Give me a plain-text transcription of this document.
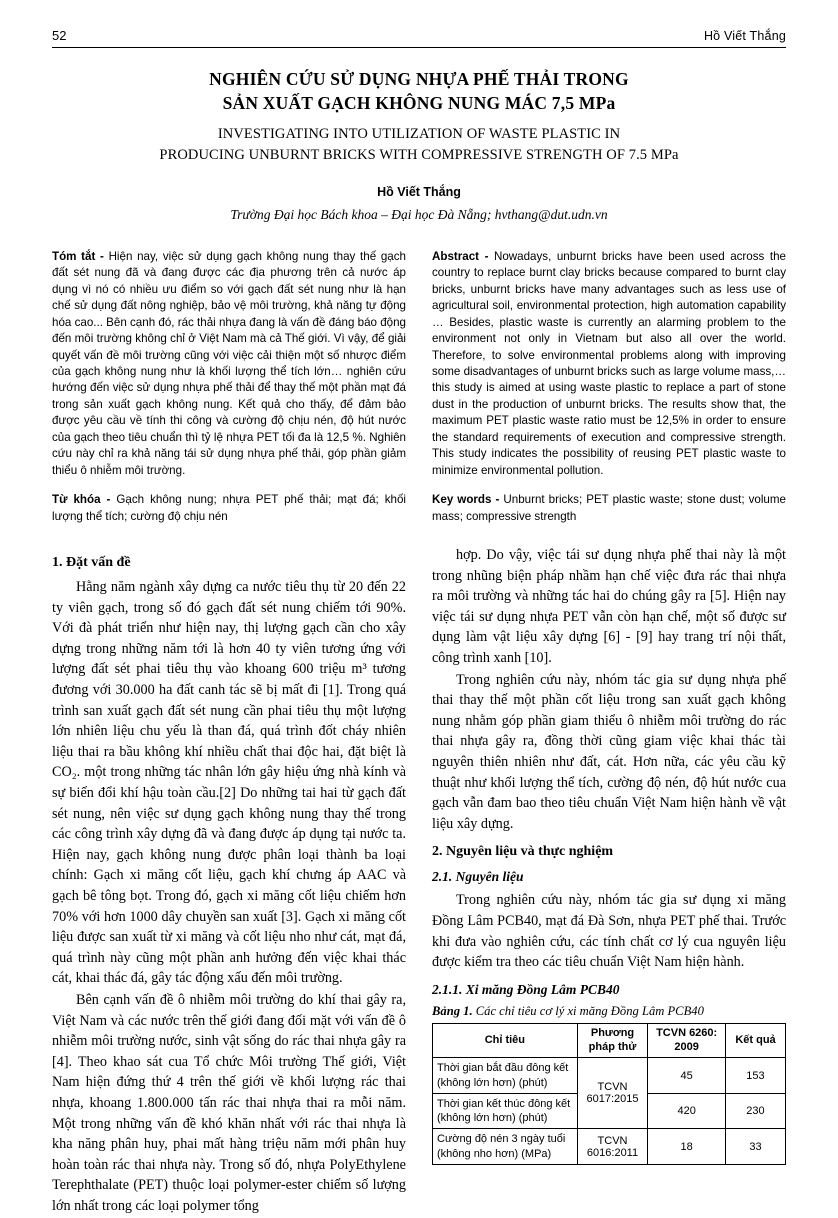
52	Hồ Viết Thắng
NGHIÊN CỨU SỬ DỤNG NHỰA PHẾ THẢI TRONG
SẢN XUẤT GẠCH KHÔNG NUNG MÁC 7,5 MPa
INVESTIGATING INTO UTILIZATION OF WASTE PLASTIC IN
PRODUCING UNBURNT BRICKS WITH COMPRESSIVE STRENGTH OF 7.5 MPa
Hồ Viết Thắng
Trường Đại học Bách khoa – Đại học Đà Nẵng; hvthang@dut.udn.vn
Tóm tắt - Hiện nay, việc sử dụng gạch không nung thay thế gạch đất sét nung đã và đang được các địa phương trên cả nước áp dụng vì nó có nhiều ưu điểm so với gạch đất sét nung như là hạn chế sử dụng đất nông nghiệp, bảo vệ môi trường, khả năng tự động hóa cao... Bên cạnh đó, rác thải nhựa đang là vấn đề đáng báo động đến môi trường không chỉ ở Việt Nam mà cả Thế giới. Vì vậy, để giải quyết vấn đề môi trường cũng với việc cải thiện một số nhược điểm của gạch không nung như là khối lượng thể tích lớn… nghiên cứu hướng đến việc sử dụng nhựa phế thải để thay thế một phần mạt đá trong sản xuất gạch không nung. Kết quả cho thấy, để đảm bảo được yêu cầu về tính thi công và cường độ chịu nén, độ hút nước của gạch theo tiêu chuẩn thì tỷ lệ nhựa PET tối đa là 12,5 %. Nghiên cứu này chỉ ra khả năng tái sử dụng nhựa phế thải, góp phần giảm thiểu ô nhiễm môi trường.
Từ khóa - Gạch không nung; nhựa PET phế thải; mạt đá; khối lượng thể tích; cường độ chịu nén
Abstract - Nowadays, unburnt bricks have been used across the country to replace burnt clay bricks because compared to burnt clay bricks, unburnt bricks have many advantages such as less use of agricultural soil, environmental protection, high automation capability … Besides, plastic waste is currently an alarming problem to the environment not only in Vietnam but also all over the world. Therefore, to solve environmental problems along with improving some disadvantages of unburnt bricks such as large volume mass,… this study is aimed at using waste plastic to replace a part of stone dust in the production of unburnt bricks. The results show that, the maximum PET plastic waste ratio must be 12,5% in order to ensure the standard requirements of execution and compressive strength. This study indicates the possibility of reusing PET plastic waste to minimize environmental pollution.
Key words - Unburnt bricks; PET plastic waste; stone dust; volume mass; compressive strength
1. Đặt vấn đề

Hằng năm ngành xây dựng ca nước tiêu thụ từ 20 đến 22 ty viên gạch, trong số đó gạch đất sét nung chiếm tới 90%. Với đà phát triển như hiện nay, thị lượng gạch cần cho xây dựng trong những năm tới là hơn 40 ty viên tương ứng với lượng đất sét phai tiêu thụ vào khoang 600 triệu m³ tương đương với 30.000 ha đất canh tác sẽ bị mất đi [1]. Trong quá trình san xuất gạch đất sét nung cần phai tiêu thụ một lượng lớn nhiên liệu chu yếu là than đá, quá trình đốt cháy nhiên liệu thai ra bầu không khí nhiều chất thai độc hai, đặt biệt là CO₂. một trong những tác nhân lớn gây hiệu ứng nhà kính và sự biến đổi khí hậu toàn cầu.[2] Do những tai hai từ gạch đất sét nung, nên việc sư dụng gạch không nung thay thế trong các công trình xây dựng đã và đang được áp dụng tại nước ta. Hiện nay, gạch không nung được phân loại thành ba loại chính: Gạch xi măng cốt liệu, gạch khí chưng áp AAC và gạch bê tông bọt. Trong đó, gạch xi măng cốt liệu chiếm hơn 70% với hơn 1000 dây chuyền san xuất [3]. Gạch xi măng cốt liệu được san xuất từ xi măng và cốt liệu nho như cát, mạt đá, quá trình này cũng một phần anh hưởng đến việc khai thác cát, khai thác đá, gây tác động xấu đến môi trường.

Bên cạnh vấn đề ô nhiễm môi trường do khí thai gây ra, Việt Nam và các nước trên thế giới đang đối mặt với vấn đề ô nhiễm môi trường nước, sinh vật sống do rác thai nhựa gây ra [4]. Theo khao sát cua Tổ chức Môi trường Thế giới, Việt Nam hiện đứng thứ 4 trên thế giới về khối lượng rác thai nhựa, khoang 1.800.000 tấn rác thai nhựa thai ra mỗi năm. Một trong những vấn đề khó khăn nhất với rác thai nhựa là kha năng phân huy, phai mất hàng triệu năm mới phân huy hoàn toàn rác thai nhựa này. Trong số đó, nhựa PolyEthylene Terephthalate (PET) thuộc loại polymer-ester chiếm số lượng lớn nhất trong các loại polymer tổng

hợp. Do vậy, việc tái sư dụng nhựa phế thai này là một trong nhũng biện pháp nhầm hạn chế việc đưa rác thai nhựa ra môi trường và những tác hai do chúng gây ra [5]. Hiện nay việc tái sư dụng nhựa PET vẫn còn hạn chế, một số được sư dụng làm vật liệu xây dựng [6] - [9] hay trang trí nội thất, công trình xanh [10].

Trong nghiên cứu này, nhóm tác gia sư dụng nhựa phế thai thay thế một phần cốt liệu trong san xuất gạch không nung nhằm góp phần giam thiểu ô nhiễm môi trường do rác thai nhựa gây ra, đồng thời cũng giam việc khai thác tài nguyên thiên nhiên như đất, cát. Hơn nữa, các yêu cầu kỹ thuật như khối lượng thể tích, cường độ nén, độ hút nước cua gạch vẫn đam bao theo tiêu chuẩn Việt Nam hiện hành về vật liệu xây dựng.

2. Nguyên liệu và thực nghiệm
2.1. Nguyên liệu

Trong nghiên cứu này, nhóm tác gia sư dụng xi măng Đồng Lâm PCB40, mạt đá Đà Sơn, nhựa PET phế thai. Trước khi đưa vào nghiên cứu, các tính chất cơ lý cua nguyên liệu được kiểm tra theo các tiêu chuẩn Việt Nam hiện hành.

2.1.1. Xi măng Đồng Lâm PCB40
Bảng 1. Các chỉ tiêu cơ lý xi măng Đồng Lâm PCB40
Chỉ tiêu	Phương pháp thử	TCVN 6260: 2009	Kết quả
Thời gian bắt đầu đông kết (không lớn hơn) (phút)	TCVN 6017:2015	45	153
Thời gian kết thúc đông kết (không lớn hơn) (phút)		420	230
Cường độ nén 3 ngày tuổi (không nho hơn) (MPa)	TCVN 6016:2011	18	33
